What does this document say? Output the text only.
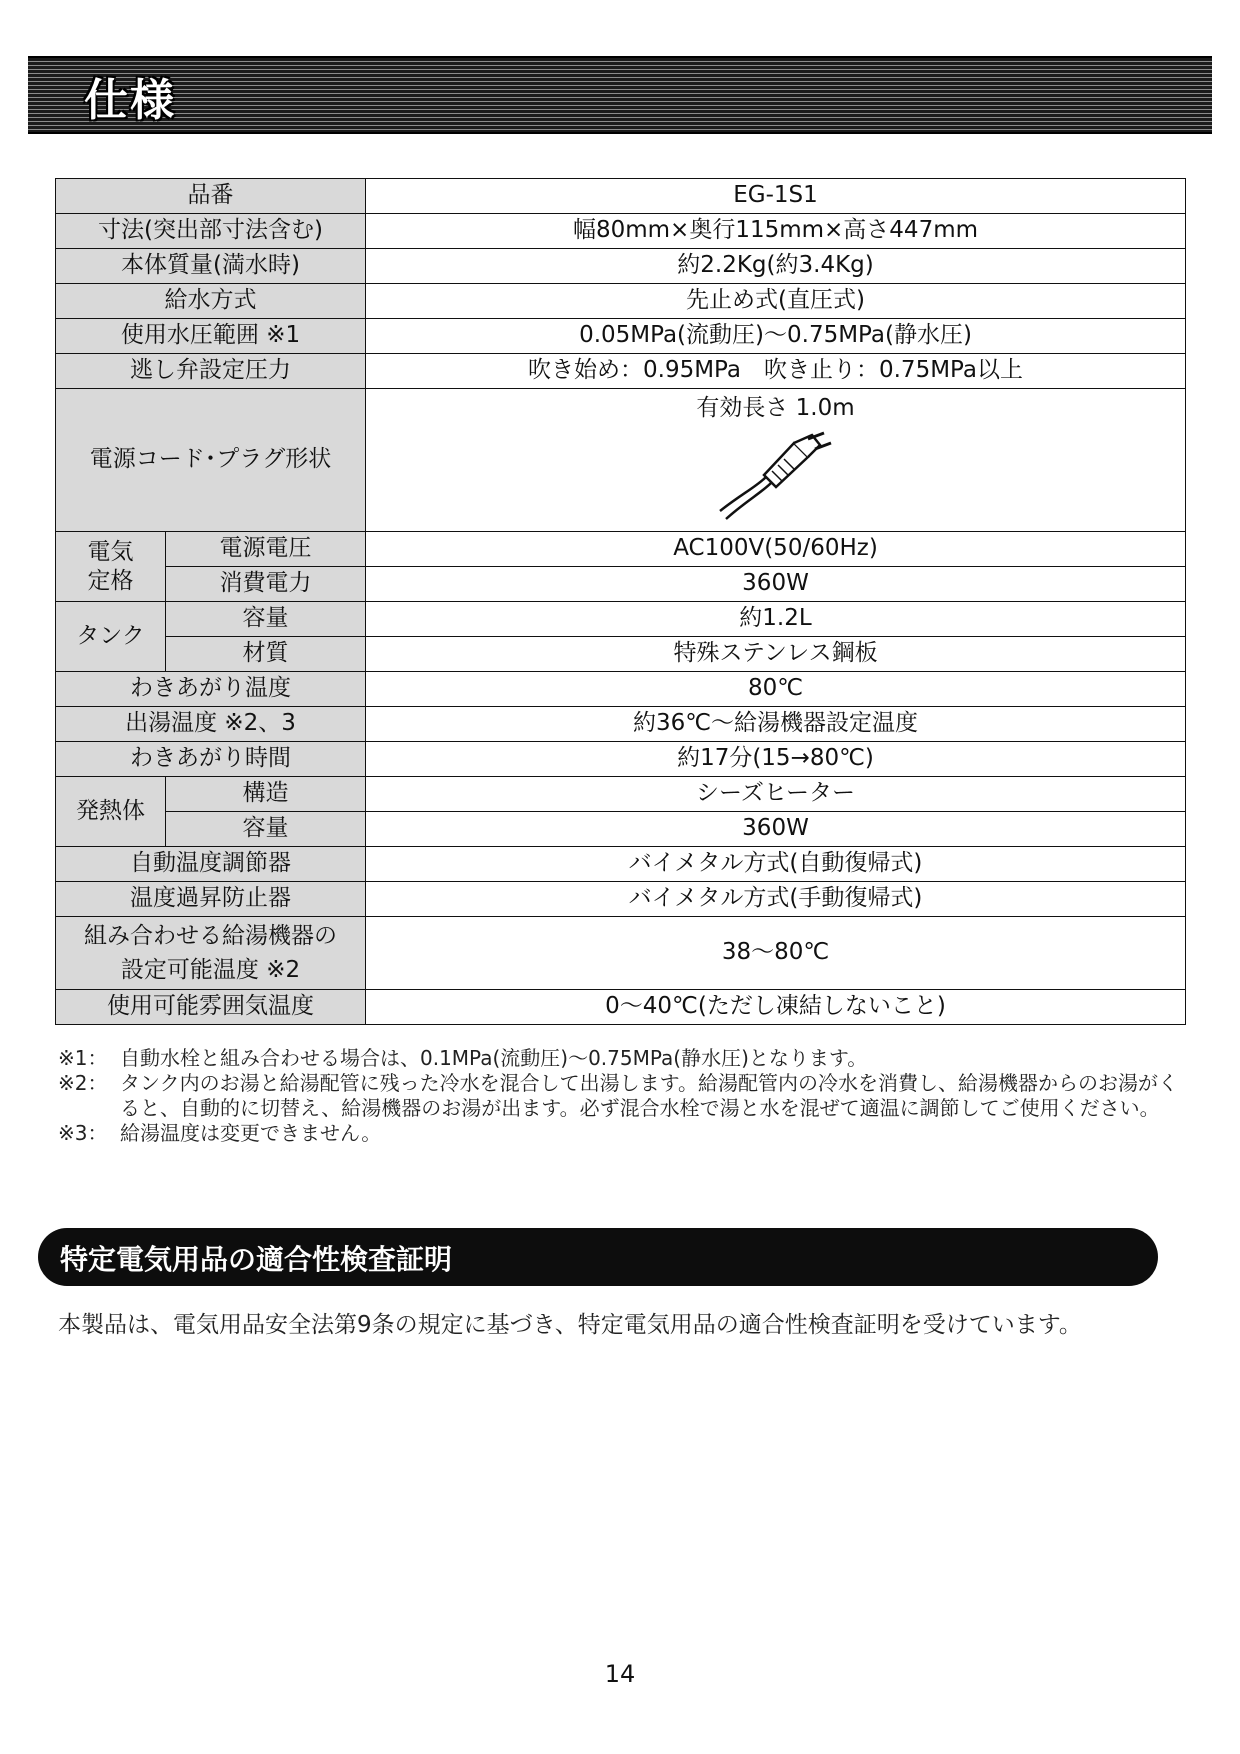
仕様
品番		EG-1S1
寸法(突出部寸法含む)		幅80mm×奥行115mm×高さ447mm
本体質量(満水時)		約2.2Kg(約3.4Kg)
給水方式		先止め式(直圧式)
使用水圧範囲 ※1		0.05MPa(流動圧)～0.75MPa(静水圧)
逃し弁設定圧力		吹き始め：0.95MPa　吹き止り：0.75MPa以上
電源コード･プラグ形状		有効長さ 1.0m

電気定格	電源電圧	AC100V(50/60Hz)
	消費電力	360W
タンク	容量	約1.2L
	材質	特殊ステンレス鋼板
わきあがり温度		80℃
出湯温度 ※2、3		約36℃～給湯機器設定温度
わきあがり時間		約17分(15→80℃)
発熱体	構造	シーズヒーター
	容量	360W
自動温度調節器		バイメタル方式(自動復帰式)
温度過昇防止器		バイメタル方式(手動復帰式)
組み合わせる給湯機器の
設定可能温度 ※2		38～80℃
使用可能雰囲気温度		0～40℃(ただし凍結しないこと)
※1： 自動水栓と組み合わせる場合は、0.1MPa(流動圧)～0.75MPa(静水圧)となります。
※2： タンク内のお湯と給湯配管に残った冷水を混合して出湯します。給湯配管内の冷水を消費し、給湯機器からのお湯がくると、自動的に切替え、給湯機器のお湯が出ます。必ず混合水栓で湯と水を混ぜて適温に調節してご使用ください。
※3： 給湯温度は変更できません。
特定電気用品の適合性検査証明
本製品は、電気用品安全法第9条の規定に基づき、特定電気用品の適合性検査証明を受けています。
14
